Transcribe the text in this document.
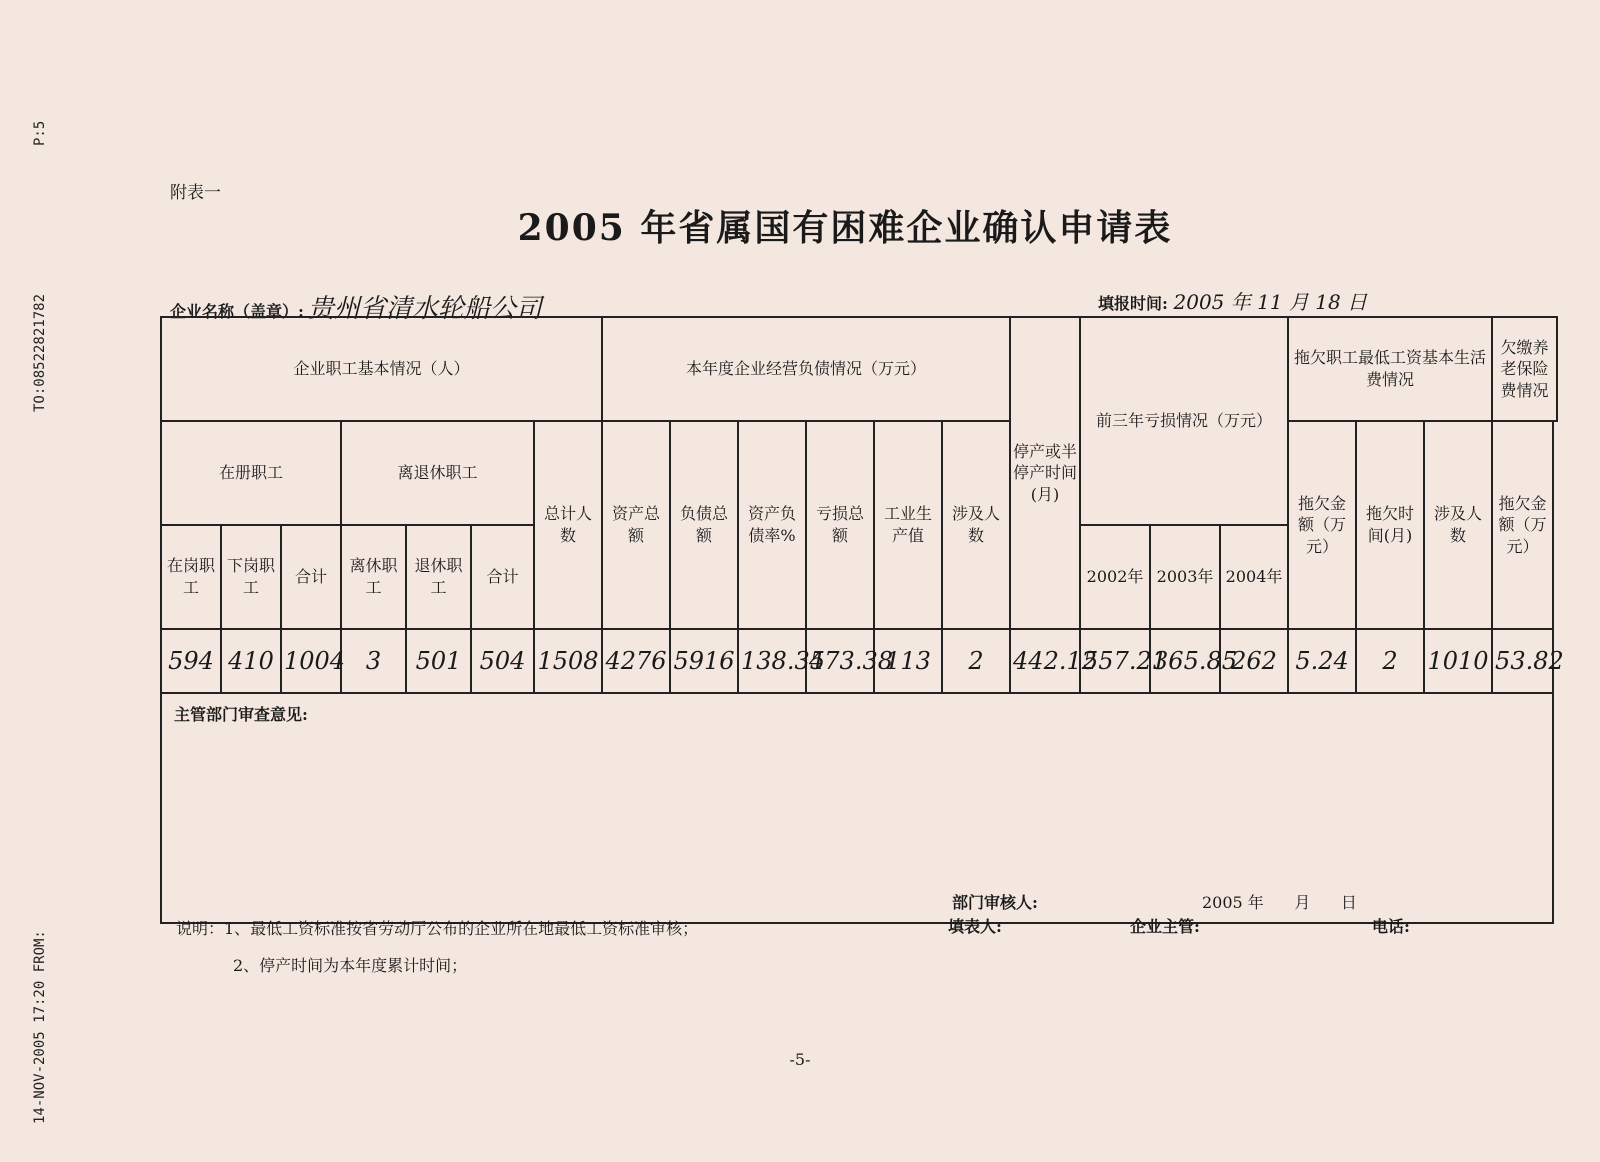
P:5
TO:08522821782
14-NOV-2005 17:20 FROM:
附表一
2005 年省属国有困难企业确认申请表
企业名称（盖章）: 贵州省清水轮船公司	填报时间: 2005 年 11 月 18 日
企业职工基本情况（人）							本年度企业经营负债情况（万元）						停产或半停产时间(月)	前三年亏损情况（万元）			拖欠职工最低工资基本生活费情况			欠缴养老保险费情况
在册职工			离退休职工			总计人数	资产总额	负债总额	资产负债率%	亏损总额	工业生产值	涉及人数					拖欠金额（万元）	拖欠时间(月)	涉及人数	拖欠金额（万元）
在岗职工	下岗职工	合计	离休职工	退休职工	合计									2002年	2003年	2004年				
594	410	1004	3	501	504	1508	4276	5916	138.35	473.38	113	2	442.12	557.21	365.85	262	5.24	2	1010	53.82
主管部门审查意见:
部门审核人: 2005 年      月      日																				
说明：1、最低工资标准按省劳动厅公布的企业所在地最低工资标准审核；
2、停产时间为本年度累计时间；
填表人:	企业主管:	电话:
-5-
